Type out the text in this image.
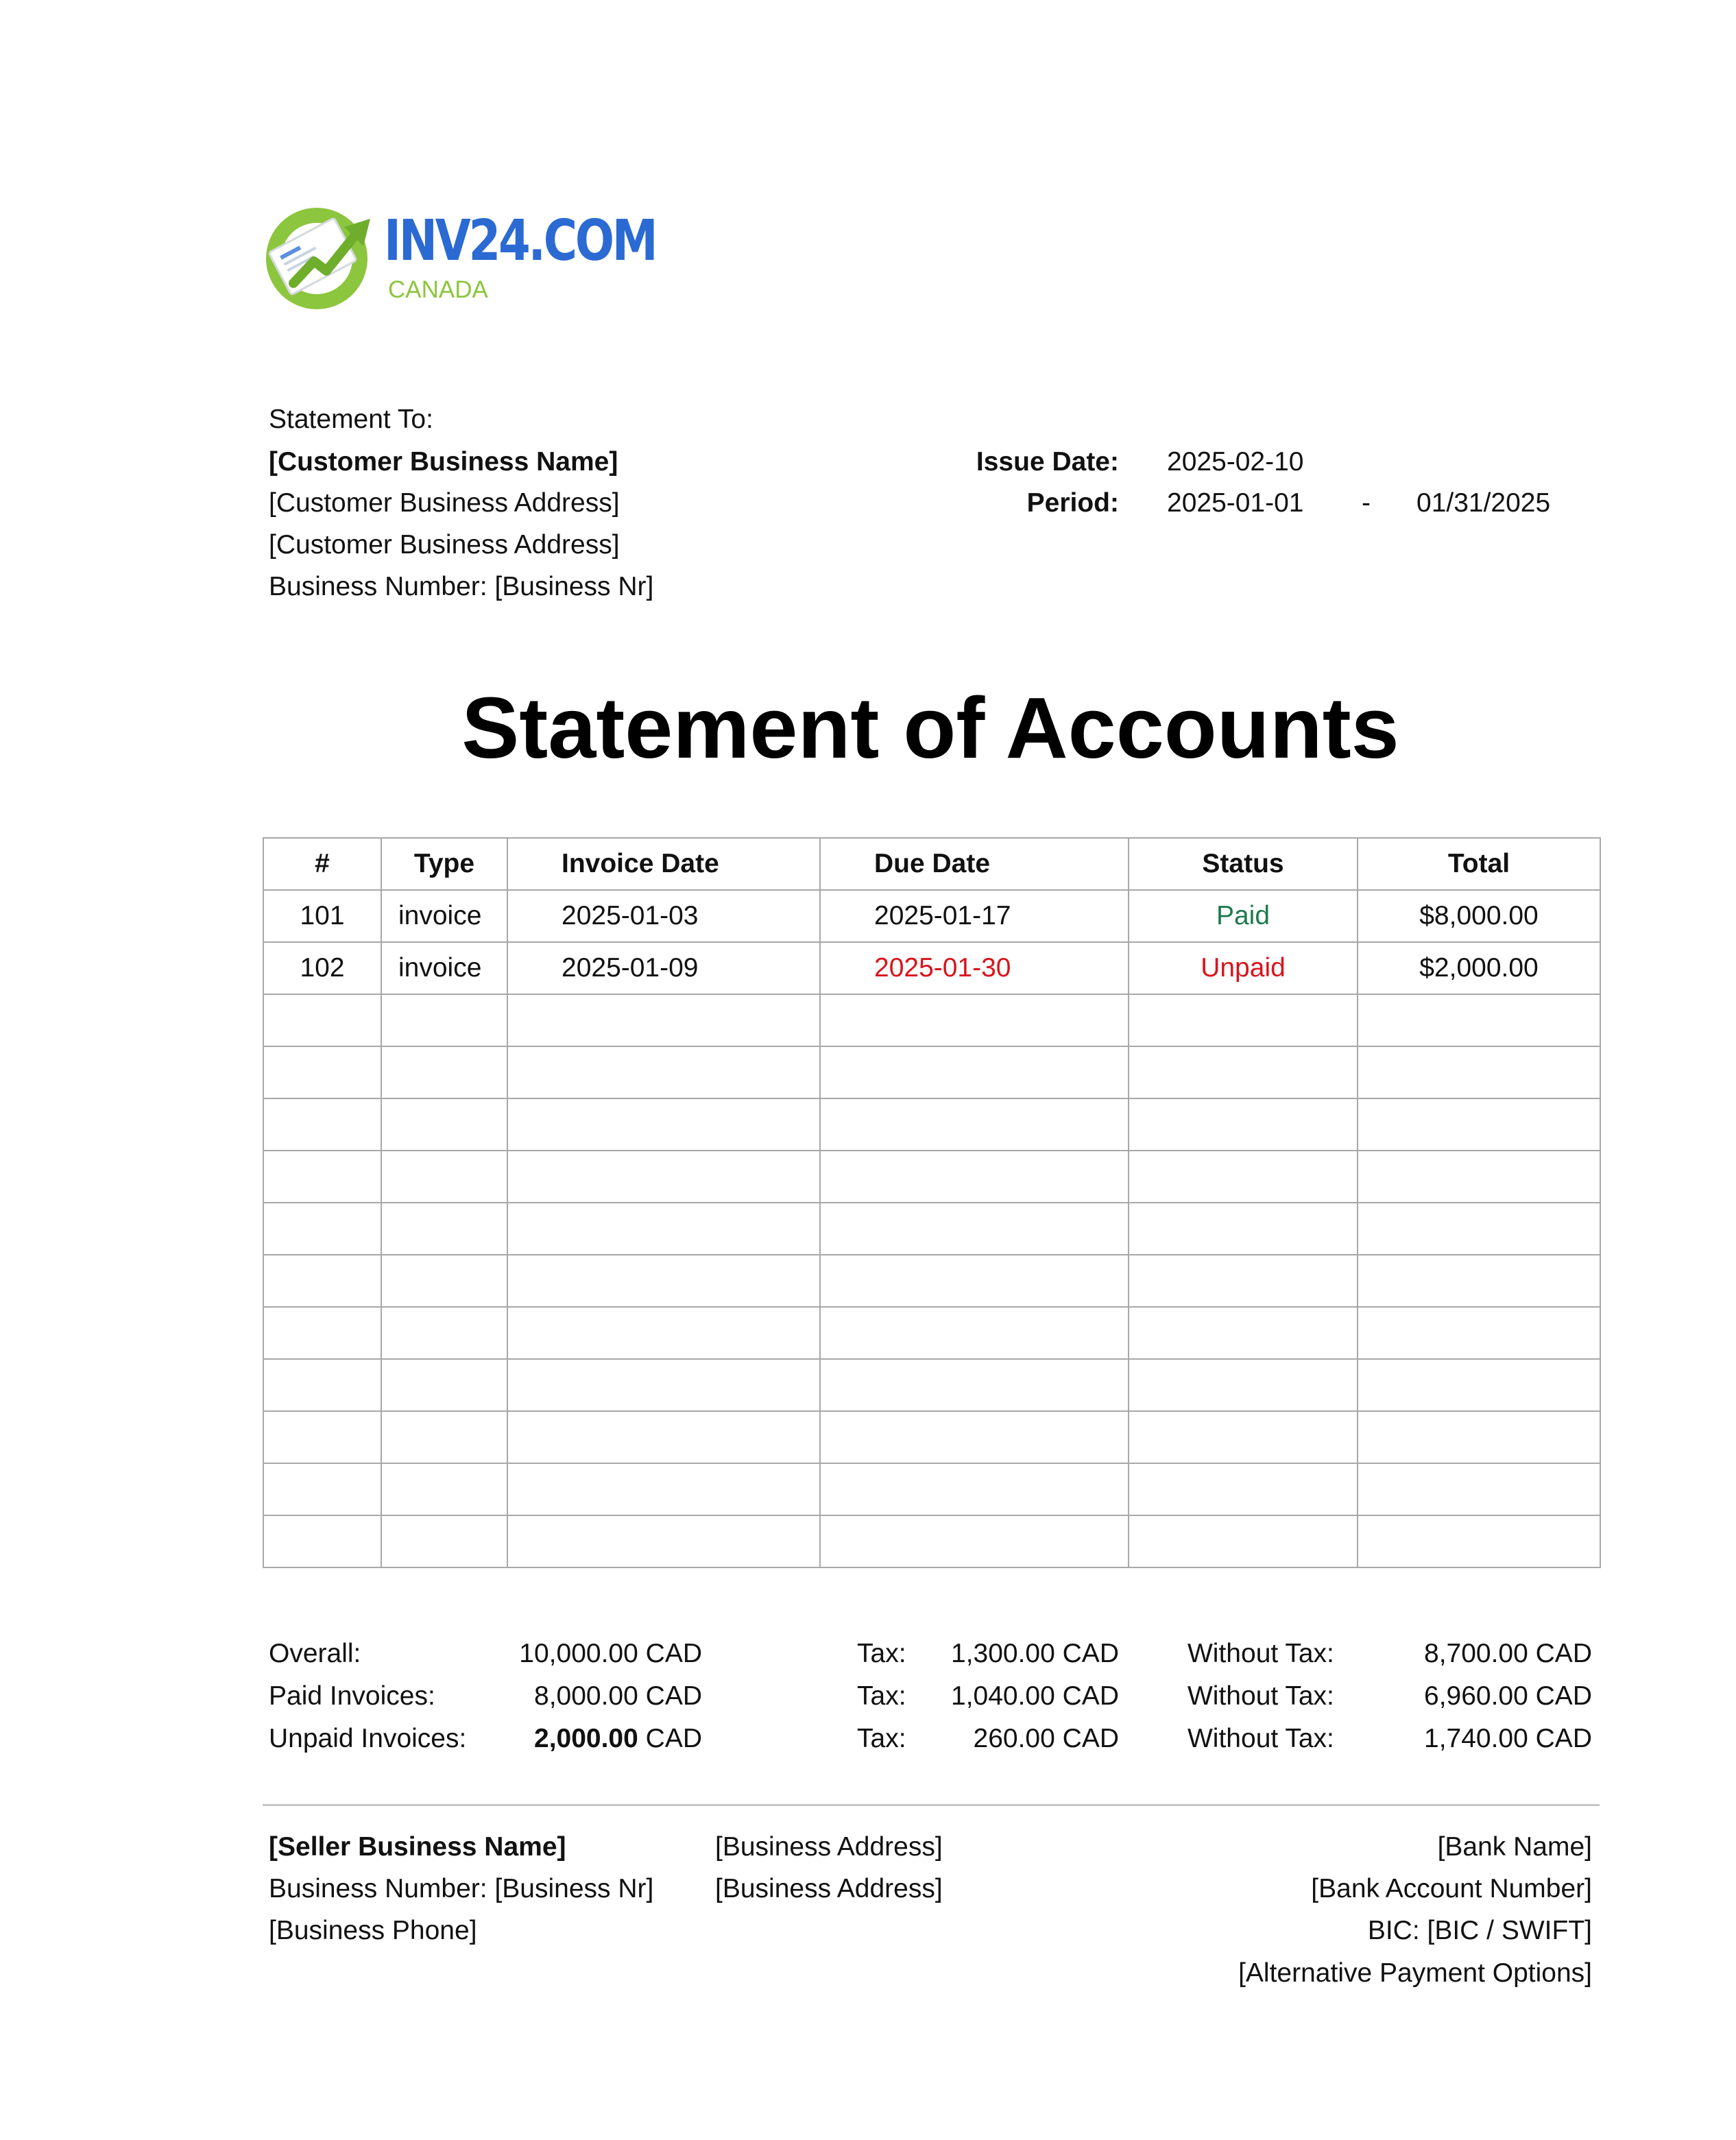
INV24.COM
CANADA
Statement To:
[Customer Business Name]
[Customer Business Address]
[Customer Business Address]
Business Number: [Business Nr]
Issue Date: 2025-02-10
Period: 2025-01-01 - 01/31/2025
Statement of Accounts
#	Type	Invoice Date	Due Date	Status	Total
101	invoice	2025-01-03	2025-01-17	Paid	$8,000.00
102	invoice	2025-01-09	2025-01-30	Unpaid	$2,000.00

Overall:	10,000.00 CAD	Tax: 1,300.00 CAD	Without Tax:	8,700.00 CAD
Paid Invoices:	8,000.00 CAD	Tax: 1,040.00 CAD	Without Tax:	6,960.00 CAD
Unpaid Invoices:	2,000.00 CAD	Tax:	260.00 CAD	Without Tax:	1,740.00 CAD
[Seller Business Name]
Business Number: [Business Nr]
[Business Phone]
[Business Address]
[Business Address]
[Bank Name]
[Bank Account Number]
BIC: [BIC / SWIFT]
[Alternative Payment Options]
